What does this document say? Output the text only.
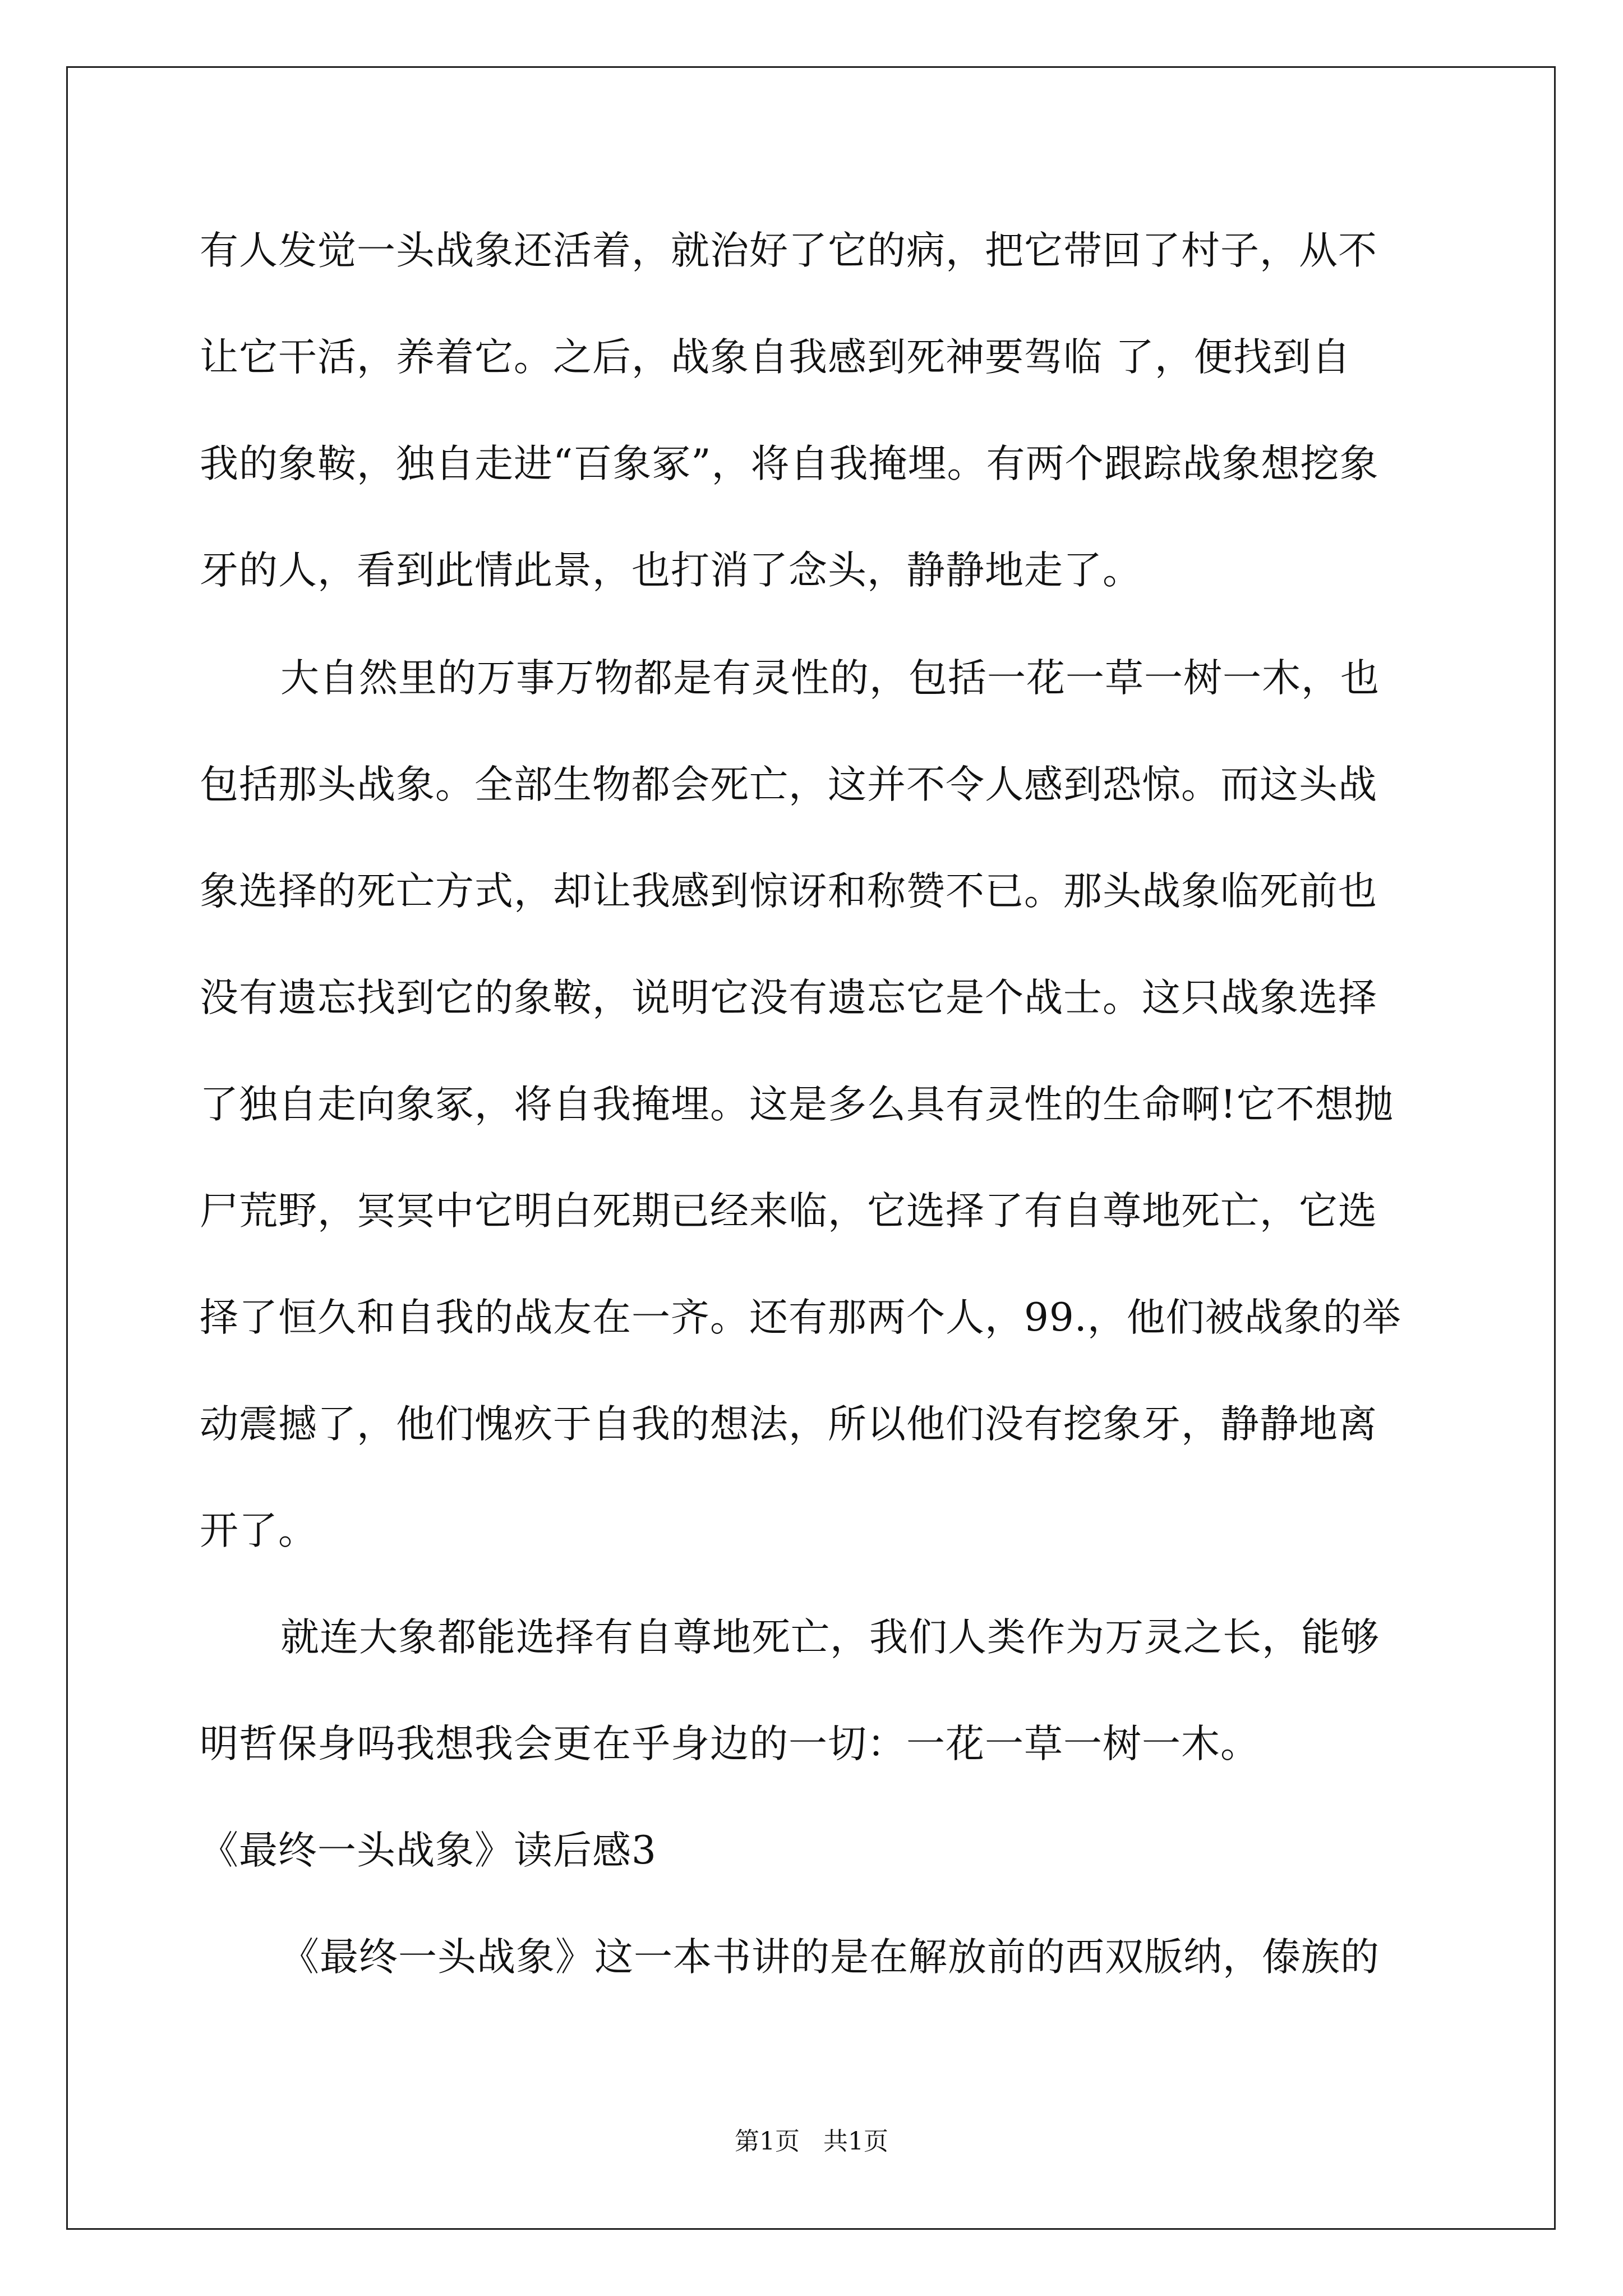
有人发觉一头战象还活着，就治好了它的病，把它带回了村子，从不
让它干活，养着它。之后，战象自我感到死神要驾临 了，便找到自
我的象鞍，独自走进“百象冢”，将自我掩埋。有两个跟踪战象想挖象
牙的人，看到此情此景，也打消了念头，静静地走了。
大自然里的万事万物都是有灵性的，包括一花一草一树一木，也
包括那头战象。全部生物都会死亡，这并不令人感到恐惊。而这头战
象选择的死亡方式，却让我感到惊讶和称赞不已。那头战象临死前也
没有遗忘找到它的象鞍，说明它没有遗忘它是个战士。这只战象选择
了独自走向象冢，将自我掩埋。这是多么具有灵性的生命啊!它不想抛
尸荒野，冥冥中它明白死期已经来临，它选择了有自尊地死亡，它选
择了恒久和自我的战友在一齐。还有那两个人，99.，他们被战象的举
动震撼了，他们愧疚于自我的想法，所以他们没有挖象牙，静静地离
开了。
就连大象都能选择有自尊地死亡，我们人类作为万灵之长，能够
明哲保身吗我想我会更在乎身边的一切：一花一草一树一木。
《最终一头战象》读后感3
《最终一头战象》这一本书讲的是在解放前的西双版纳，傣族的
第1页   共1页
